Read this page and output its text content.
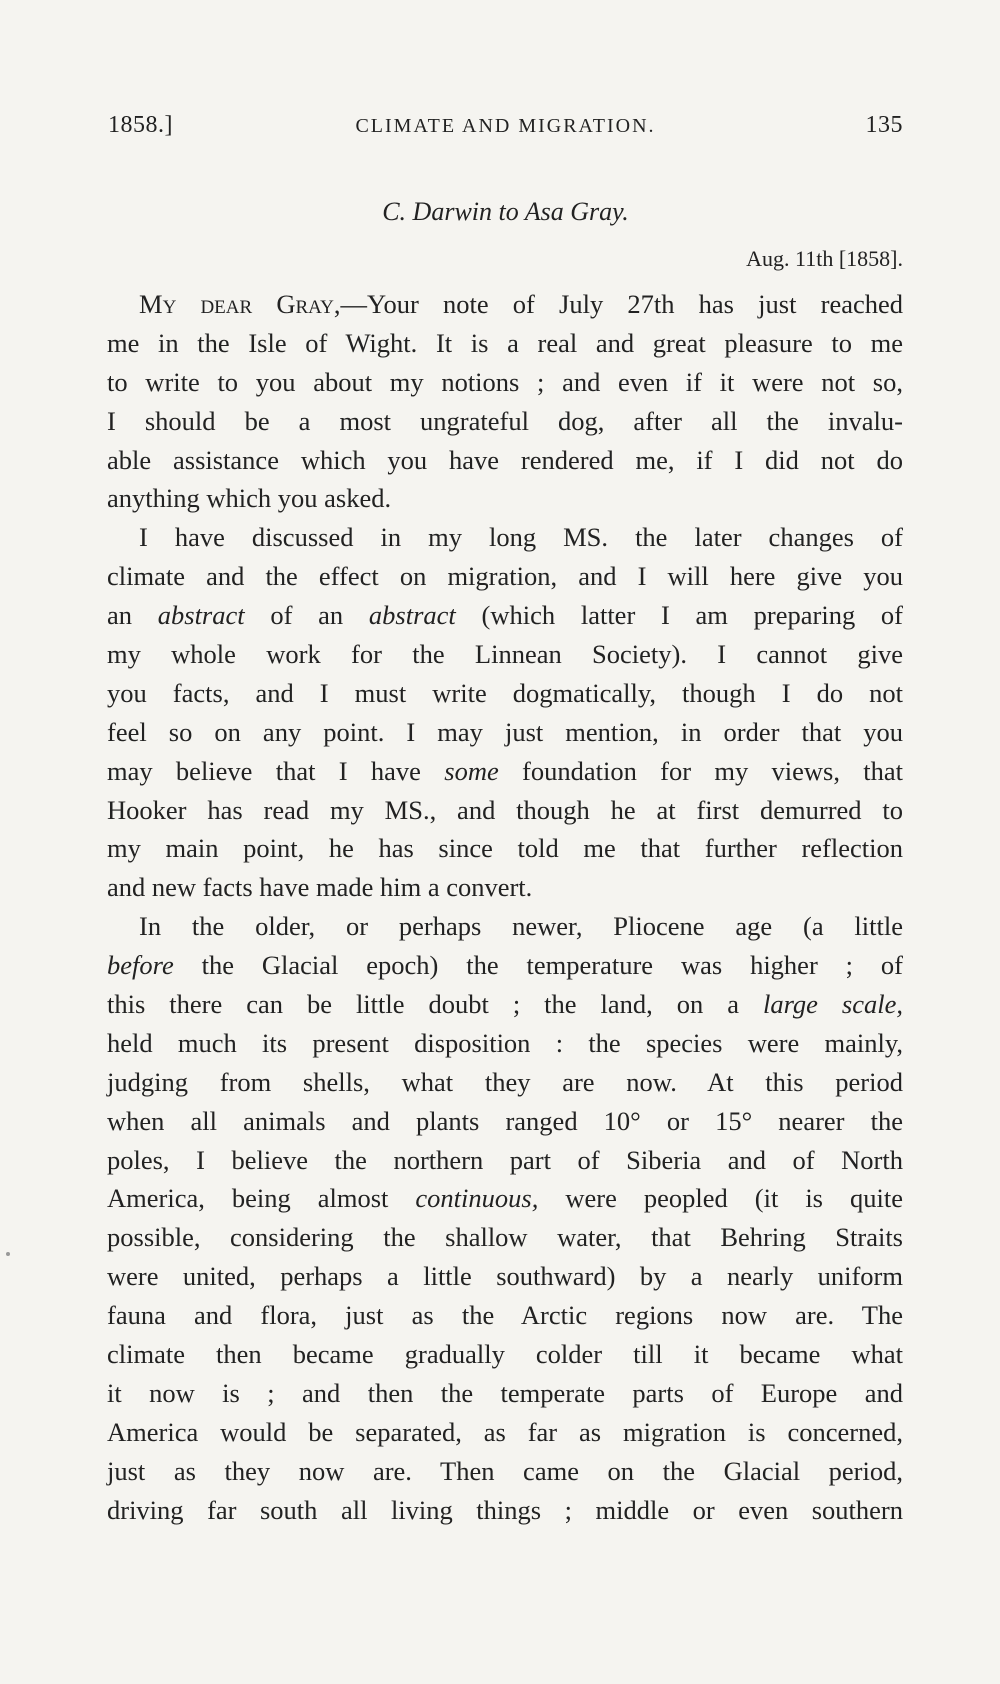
1858.]	CLIMATE AND MIGRATION.	135
C. Darwin to Asa Gray.
Aug. 11th [1858].
My dear Gray,—Your note of July 27th has just reached
me in the Isle of Wight. It is a real and great pleasure to me
to write to you about my notions ; and even if it were not so,
I should be a most ungrateful dog, after all the invalu-
able assistance which you have rendered me, if I did not do
anything which you asked.
I have discussed in my long MS. the later changes of
climate and the effect on migration, and I will here give you
an abstract of an abstract (which latter I am preparing of
my whole work for the Linnean Society). I cannot give
you facts, and I must write dogmatically, though I do not
feel so on any point. I may just mention, in order that you
may believe that I have some foundation for my views, that
Hooker has read my MS., and though he at first demurred to
my main point, he has since told me that further reflection
and new facts have made him a convert.
In the older, or perhaps newer, Pliocene age (a little
before the Glacial epoch) the temperature was higher ; of
this there can be little doubt ; the land, on a large scale,
held much its present disposition : the species were mainly,
judging from shells, what they are now. At this period
when all animals and plants ranged 10° or 15° nearer the
poles, I believe the northern part of Siberia and of North
America, being almost continuous, were peopled (it is quite
possible, considering the shallow water, that Behring Straits
were united, perhaps a little southward) by a nearly uniform
fauna and flora, just as the Arctic regions now are. The
climate then became gradually colder till it became what
it now is ; and then the temperate parts of Europe and
America would be separated, as far as migration is concerned,
just as they now are. Then came on the Glacial period,
driving far south all living things ; middle or even southern
